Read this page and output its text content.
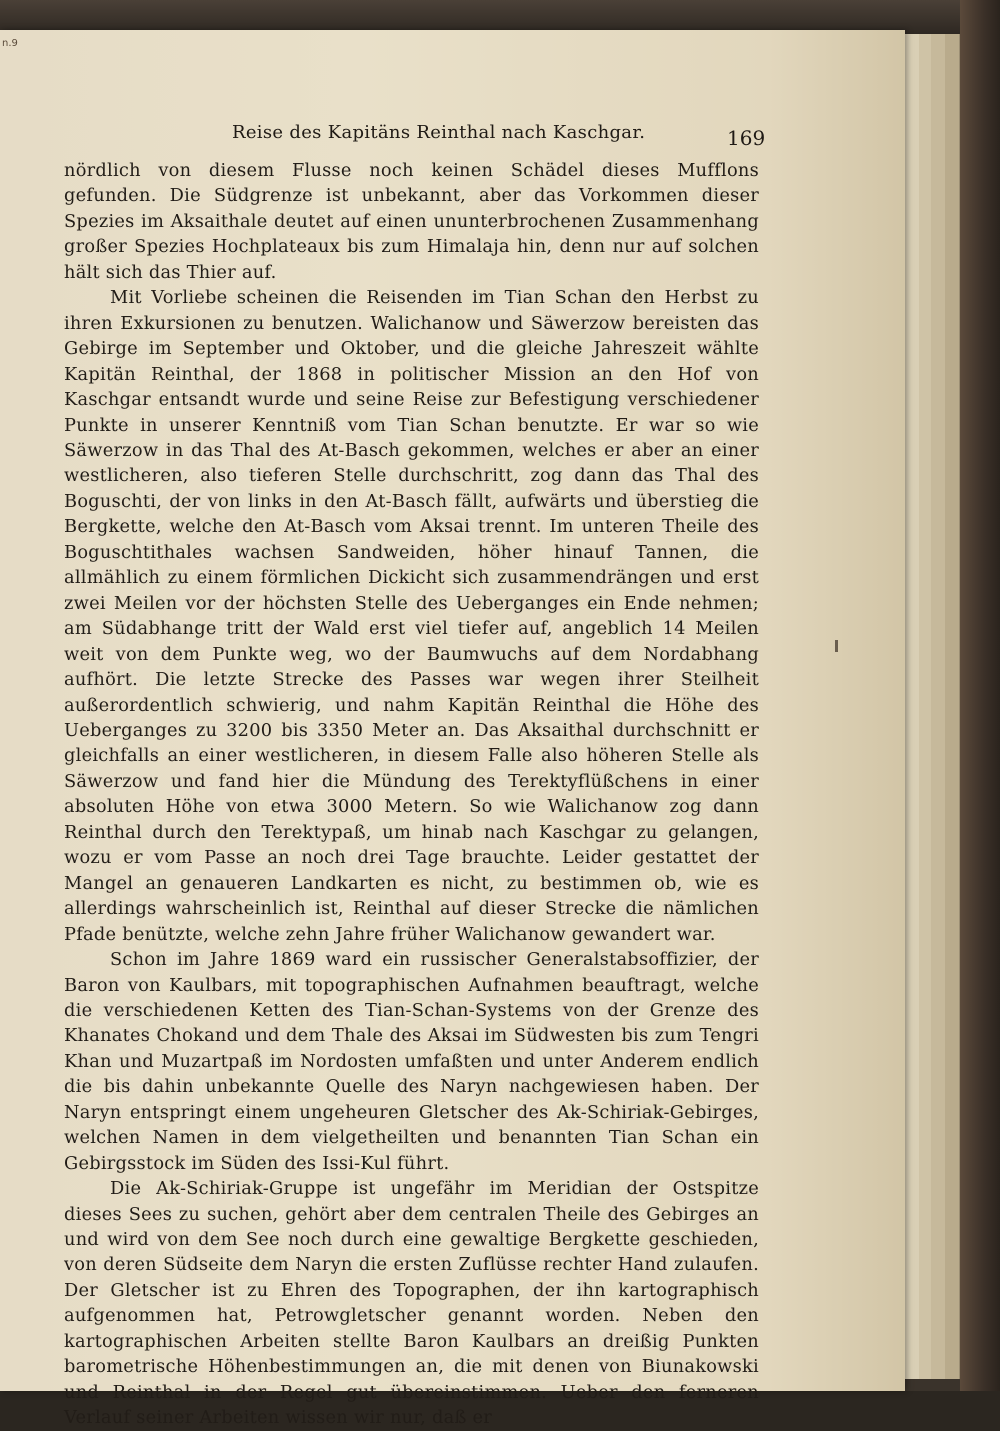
n.9
Reise des Kapitäns Reinthal nach Kaschgar.	169

nördlich von diesem Flusse noch keinen Schädel dieses Mufflons gefunden. Die Südgrenze ist unbekannt, aber das Vorkommen dieser Spezies im Aksaithale deutet auf einen ununterbrochenen Zusammenhang großer Spezies Hochplateaux bis zum Himalaja hin, denn nur auf solchen hält sich das Thier auf.

Mit Vorliebe scheinen die Reisenden im Tian Schan den Herbst zu ihren Exkursionen zu benutzen. Walichanow und Säwerzow bereisten das Gebirge im September und Oktober, und die gleiche Jahreszeit wählte Kapitän Reinthal, der 1868 in politischer Mission an den Hof von Kaschgar entsandt wurde und seine Reise zur Befestigung verschiedener Punkte in unserer Kenntniß vom Tian Schan benutzte. Er war so wie Säwerzow in das Thal des At-Basch gekommen, welches er aber an einer westlicheren, also tieferen Stelle durchschritt, zog dann das Thal des Boguschti, der von links in den At-Basch fällt, aufwärts und überstieg die Bergkette, welche den At-Basch vom Aksai trennt. Im unteren Theile des Boguschtithales wachsen Sandweiden, höher hinauf Tannen, die allmählich zu einem förmlichen Dickicht sich zusammendrängen und erst zwei Meilen vor der höchsten Stelle des Ueberganges ein Ende nehmen; am Südabhange tritt der Wald erst viel tiefer auf, angeblich 14 Meilen weit von dem Punkte weg, wo der Baumwuchs auf dem Nordabhang aufhört. Die letzte Strecke des Passes war wegen ihrer Steilheit außerordentlich schwierig, und nahm Kapitän Reinthal die Höhe des Ueberganges zu 3200 bis 3350 Meter an. Das Aksaithal durchschnitt er gleichfalls an einer westlicheren, in diesem Falle also höheren Stelle als Säwerzow und fand hier die Mündung des Terektyflüßchens in einer absoluten Höhe von etwa 3000 Metern. So wie Walichanow zog dann Reinthal durch den Terektypaß, um hinab nach Kaschgar zu gelangen, wozu er vom Passe an noch drei Tage brauchte. Leider gestattet der Mangel an genaueren Landkarten es nicht, zu bestimmen ob, wie es allerdings wahrscheinlich ist, Reinthal auf dieser Strecke die nämlichen Pfade benützte, welche zehn Jahre früher Walichanow gewandert war.

Schon im Jahre 1869 ward ein russischer Generalstabsoffizier, der Baron von Kaulbars, mit topographischen Aufnahmen beauftragt, welche die verschiedenen Ketten des Tian-Schan-Systems von der Grenze des Khanates Chokand und dem Thale des Aksai im Südwesten bis zum Tengri Khan und Muzartpaß im Nordosten umfaßten und unter Anderem endlich die bis dahin unbekannte Quelle des Naryn nachgewiesen haben. Der Naryn entspringt einem ungeheuren Gletscher des Ak-Schiriak-Gebirges, welchen Namen in dem vielgetheilten und benannten Tian Schan ein Gebirgsstock im Süden des Issi-Kul führt.

Die Ak-Schiriak-Gruppe ist ungefähr im Meridian der Ostspitze dieses Sees zu suchen, gehört aber dem centralen Theile des Gebirges an und wird von dem See noch durch eine gewaltige Bergkette geschieden, von deren Südseite dem Naryn die ersten Zuflüsse rechter Hand zulaufen. Der Gletscher ist zu Ehren des Topographen, der ihn kartographisch aufgenommen hat, Petrowgletscher genannt worden. Neben den kartographischen Arbeiten stellte Baron Kaulbars an dreißig Punkten barometrische Höhenbestimmungen an, die mit denen von Biunakowski und Reinthal in der Regel gut übereinstimmen. Ueber den ferneren Verlauf seiner Arbeiten wissen wir nur, daß er
